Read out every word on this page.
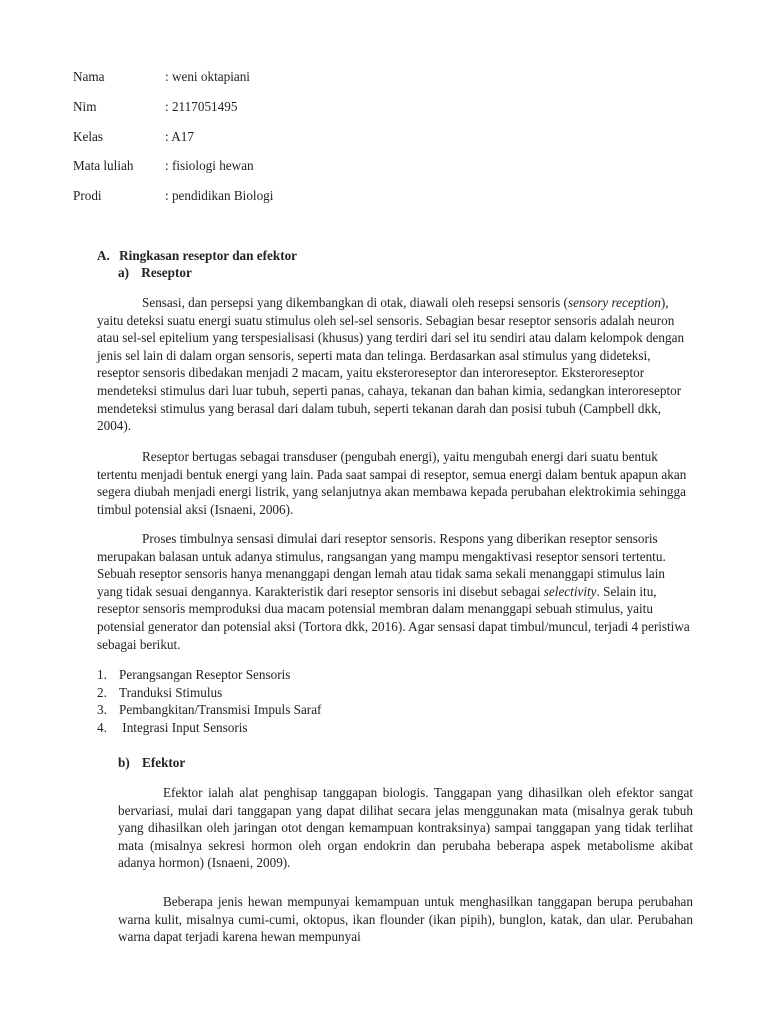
Nama	: weni oktapiani
Nim	: 2117051495
Kelas	: A17
Mata luliah : fisiologi hewan
Prodi	: pendidikan Biologi
A. Ringkasan reseptor dan efektor
a) Reseptor

Sensasi, dan persepsi yang dikembangkan di otak, diawali oleh resepsi sensoris (sensory reception), yaitu deteksi suatu energi suatu stimulus oleh sel-sel sensoris. Sebagian besar reseptor sensoris adalah neuron atau sel-sel epitelium yang terspesialisasi (khusus) yang terdiri dari sel itu sendiri atau dalam kelompok dengan jenis sel lain di dalam organ sensoris, seperti mata dan telinga. Berdasarkan asal stimulus yang dideteksi, reseptor sensoris dibedakan menjadi 2 macam, yaitu eksteroreseptor dan interoreseptor. Eksteroreseptor mendeteksi stimulus dari luar tubuh, seperti panas, cahaya, tekanan dan bahan kimia, sedangkan interoreseptor mendeteksi stimulus yang berasal dari dalam tubuh, seperti tekanan darah dan posisi tubuh (Campbell dkk, 2004).

Reseptor bertugas sebagai transduser (pengubah energi), yaitu mengubah energi dari suatu bentuk tertentu menjadi bentuk energi yang lain. Pada saat sampai di reseptor, semua energi dalam bentuk apapun akan segera diubah menjadi energi listrik, yang selanjutnya akan membawa kepada perubahan elektrokimia sehingga timbul potensial aksi (Isnaeni, 2006).

Proses timbulnya sensasi dimulai dari reseptor sensoris. Respons yang diberikan reseptor sensoris merupakan balasan untuk adanya stimulus, rangsangan yang mampu mengaktivasi reseptor sensori tertentu. Sebuah reseptor sensoris hanya menanggapi dengan lemah atau tidak sama sekali menanggapi stimulus lain yang tidak sesuai dengannya. Karakteristik dari reseptor sensoris ini disebut sebagai selectivity. Selain itu, reseptor sensoris memproduksi dua macam potensial membran dalam menanggapi sebuah stimulus, yaitu potensial generator dan potensial aksi (Tortora dkk, 2016). Agar sensasi dapat timbul/muncul, terjadi 4 peristiwa sebagai berikut.

1. Perangsangan Reseptor Sensoris
2. Tranduksi Stimulus
3. Pembangkitan/Transmisi Impuls Saraf
4. Integrasi Input Sensoris
b) Efektor

Efektor ialah alat penghisap tanggapan biologis. Tanggapan yang dihasilkan oleh efektor sangat bervariasi, mulai dari tanggapan yang dapat dilihat secara jelas menggunakan mata (misalnya gerak tubuh yang dihasilkan oleh jaringan otot dengan kemampuan kontraksinya) sampai tanggapan yang tidak terlihat mata (misalnya sekresi hormon oleh organ endokrin dan perubaha beberapa aspek metabolisme akibat adanya hormon) (Isnaeni, 2009).

Beberapa jenis hewan mempunyai kemampuan untuk menghasilkan tanggapan berupa perubahan warna kulit, misalnya cumi-cumi, oktopus, ikan flounder (ikan pipih), bunglon, katak, dan ular. Perubahan warna dapat terjadi karena hewan mempunyai
